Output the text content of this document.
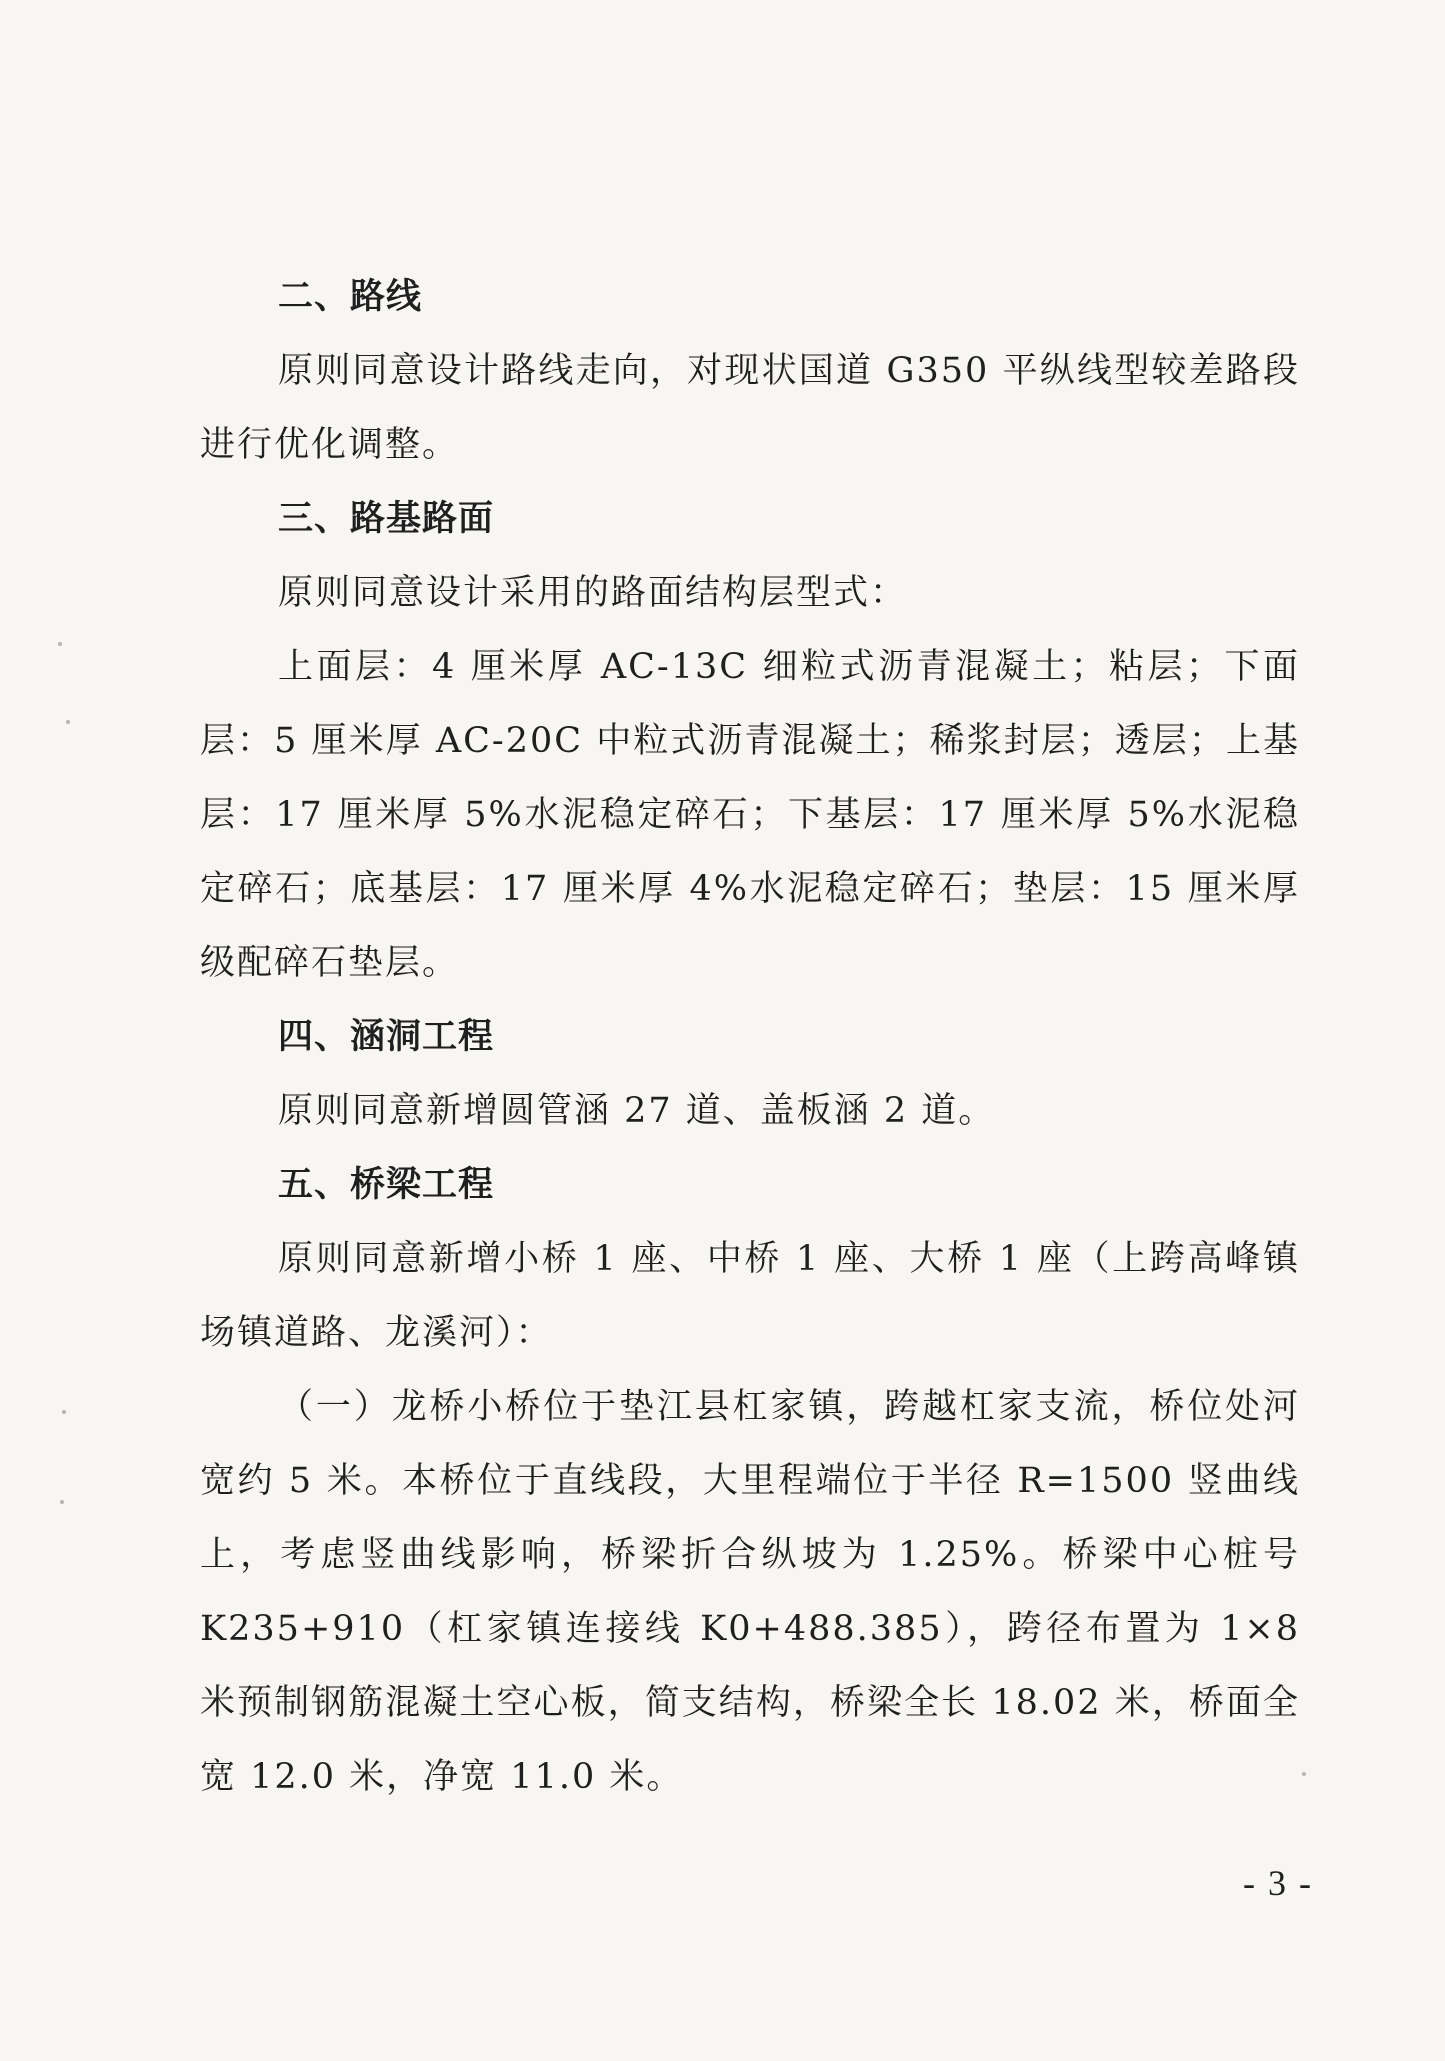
二、路线

原则同意设计路线走向，对现状国道 G350 平纵线型较差路段进行优化调整。

三、路基路面

原则同意设计采用的路面结构层型式：

上面层：4 厘米厚 AC-13C 细粒式沥青混凝土；粘层；下面层：5 厘米厚 AC-20C 中粒式沥青混凝土；稀浆封层；透层；上基层：17 厘米厚 5%水泥稳定碎石；下基层：17 厘米厚 5%水泥稳定碎石；底基层：17 厘米厚 4%水泥稳定碎石；垫层：15 厘米厚级配碎石垫层。

四、涵洞工程

原则同意新增圆管涵 27 道、盖板涵 2 道。

五、桥梁工程

原则同意新增小桥 1 座、中桥 1 座、大桥 1 座（上跨高峰镇场镇道路、龙溪河）：

（一）龙桥小桥位于垫江县杠家镇，跨越杠家支流，桥位处河宽约 5 米。本桥位于直线段，大里程端位于半径 R=1500 竖曲线上，考虑竖曲线影响，桥梁折合纵坡为 1.25%。桥梁中心桩号 K235+910（杠家镇连接线 K0+488.385），跨径布置为 1×8 米预制钢筋混凝土空心板，简支结构，桥梁全长 18.02 米，桥面全宽 12.0 米，净宽 11.0 米。

- 3 -
